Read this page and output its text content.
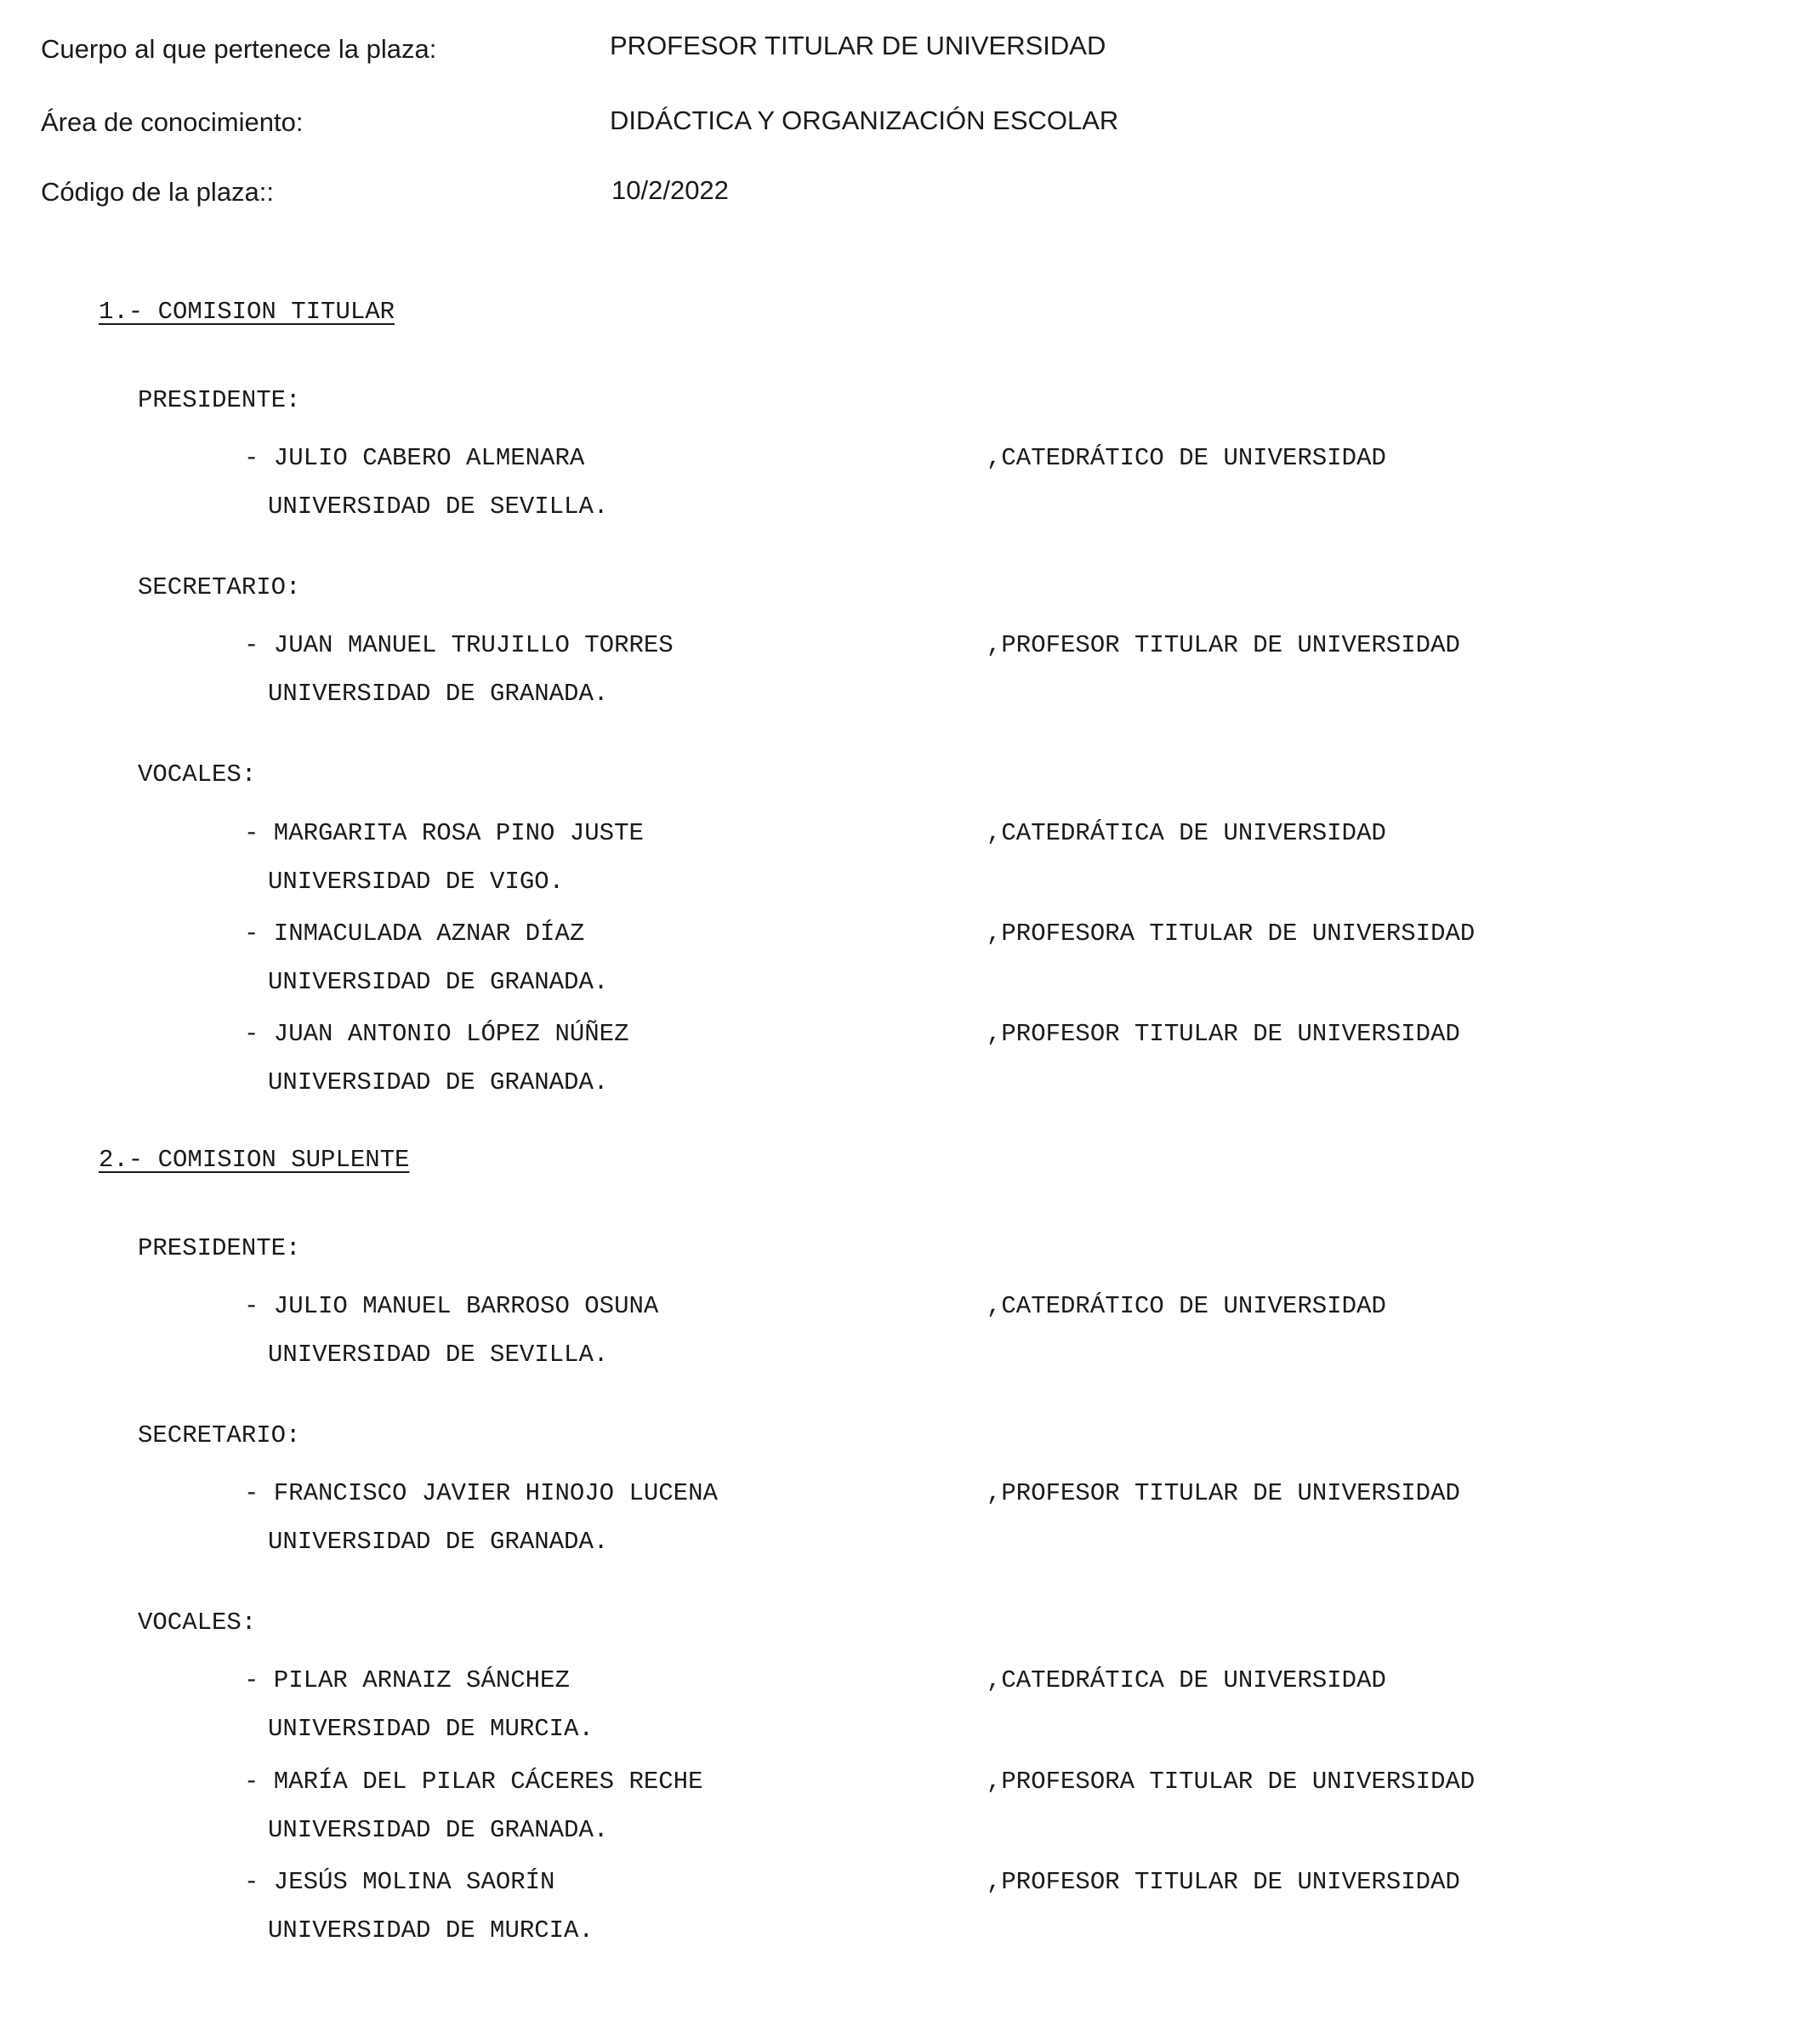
Cuerpo al que pertenece la plaza:	PROFESOR TITULAR DE UNIVERSIDAD
Área de conocimiento:	DIDÁCTICA Y ORGANIZACIÓN ESCOLAR
Código de la plaza::	10/2/2022
1.- COMISION TITULAR
PRESIDENTE:
- JULIO CABERO ALMENARA	,CATEDRÁTICO DE UNIVERSIDAD
UNIVERSIDAD DE SEVILLA.
SECRETARIO:
- JUAN MANUEL TRUJILLO TORRES	,PROFESOR TITULAR DE UNIVERSIDAD
UNIVERSIDAD DE GRANADA.
VOCALES:
- MARGARITA ROSA PINO JUSTE	,CATEDRÁTICA DE UNIVERSIDAD
UNIVERSIDAD DE VIGO.
- INMACULADA AZNAR DÍAZ	,PROFESORA TITULAR DE UNIVERSIDAD
UNIVERSIDAD DE GRANADA.
- JUAN ANTONIO LÓPEZ NÚÑEZ	,PROFESOR TITULAR DE UNIVERSIDAD
UNIVERSIDAD DE GRANADA.
2.- COMISION SUPLENTE
PRESIDENTE:
- JULIO MANUEL BARROSO OSUNA	,CATEDRÁTICO DE UNIVERSIDAD
UNIVERSIDAD DE SEVILLA.
SECRETARIO:
- FRANCISCO JAVIER HINOJO LUCENA	,PROFESOR TITULAR DE UNIVERSIDAD
UNIVERSIDAD DE GRANADA.
VOCALES:
- PILAR ARNAIZ SÁNCHEZ	,CATEDRÁTICA DE UNIVERSIDAD
UNIVERSIDAD DE MURCIA.
- MARÍA DEL PILAR CÁCERES RECHE	,PROFESORA TITULAR DE UNIVERSIDAD
UNIVERSIDAD DE GRANADA.
- JESÚS MOLINA SAORÍN	,PROFESOR TITULAR DE UNIVERSIDAD
UNIVERSIDAD DE MURCIA.
